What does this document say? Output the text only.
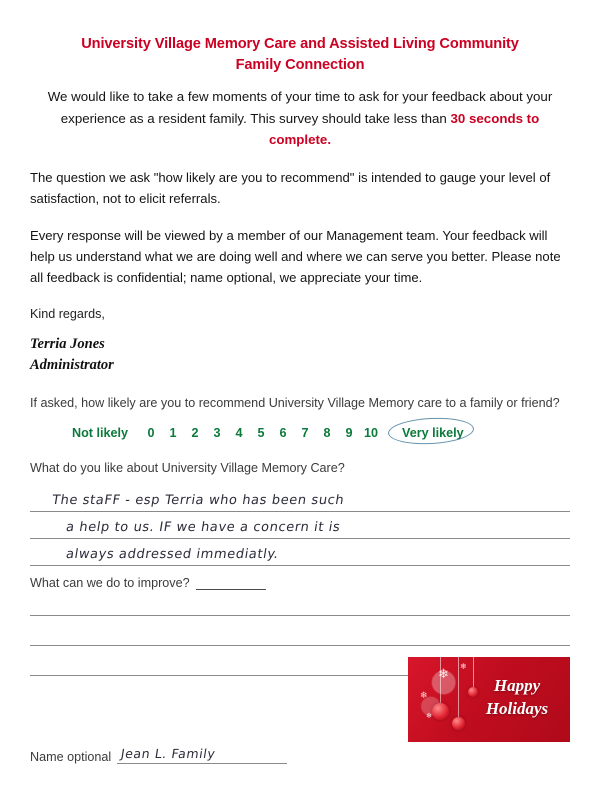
University Village Memory Care and Assisted Living Community
Family Connection
We would like to take a few moments of your time to ask for your feedback about your experience as a resident family. This survey should take less than 30 seconds to complete.

The question we ask "how likely are you to recommend" is intended to gauge your level of satisfaction, not to elicit referrals.

Every response will be viewed by a member of our Management team. Your feedback will help us understand what we are doing well and where we can serve you better. Please note all feedback is confidential; name optional, we appreciate your time.

Kind regards,
Terria Jones
Administrator
If asked, how likely are you to recommend University Village Memory care to a family or friend?
Not likely	0	1	2	3	4	5	6	7	8	9 10	Very likely
What do you like about University Village Memory Care?
The staFF - esp Terria who has been such
a help to us. IF we have a concern it is
always addressed immediatly.
What can we do to improve?
❄
❄
❄
❄
Happy
Holidays
Name optional Jean L. Family
